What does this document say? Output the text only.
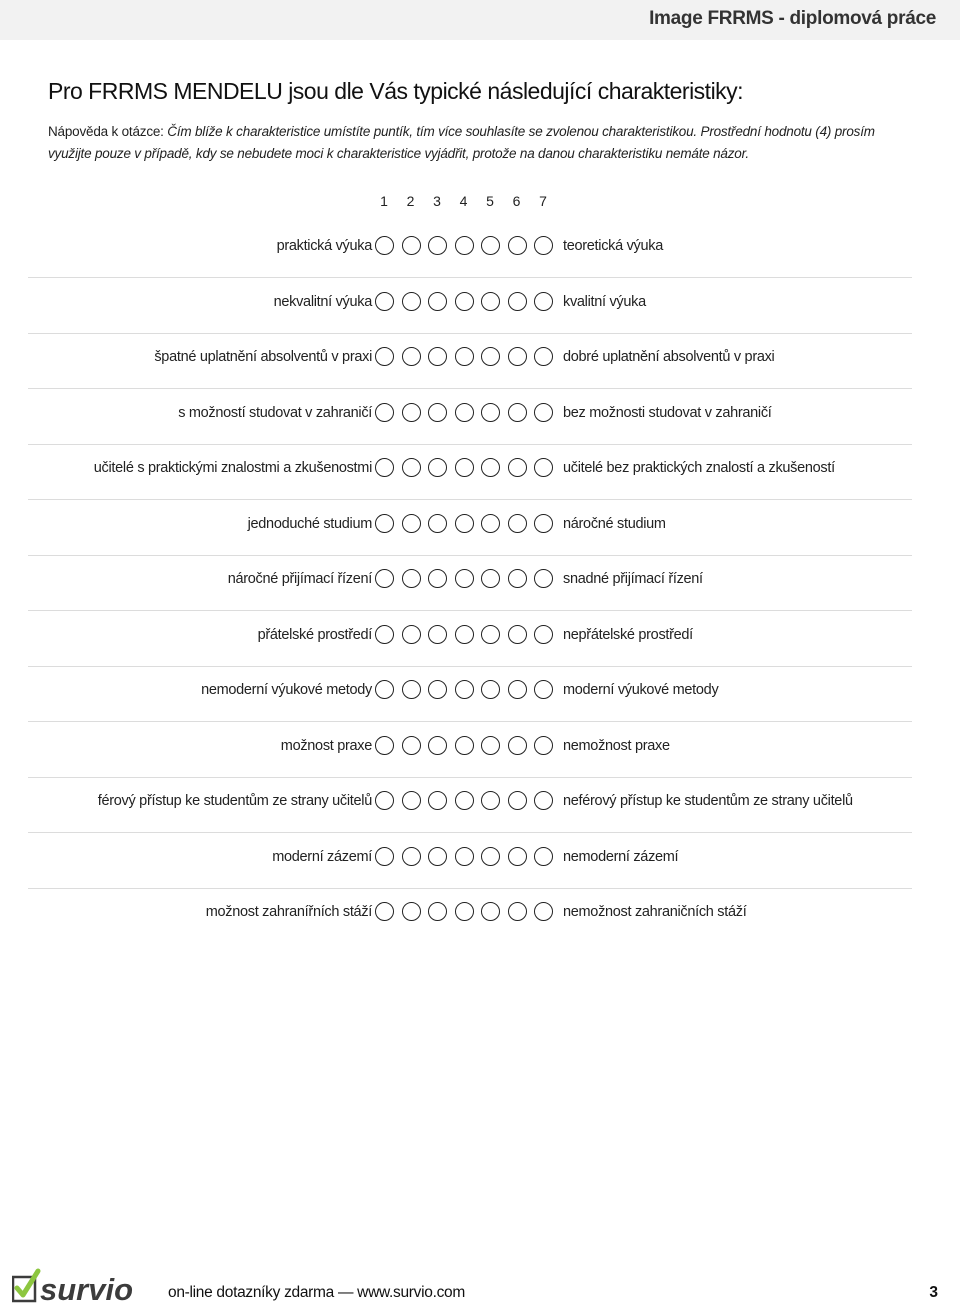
Image FRRMS - diplomová práce
Pro FRRMS MENDELU jsou dle Vás typické následující charakteristiky:
Nápověda k otázce: Čím blíže k charakteristice umístíte puntík, tím více souhlasíte se zvolenou charakteristikou. Prostřední hodnotu (4) prosím využijte pouze v případě, kdy se nebudete moci k charakteristice vyjádřit, protože na danou charakteristiku nemáte názor.
1	2	3	4	5	6	7
praktická výuka	teoretická výuka
nekvalitní výuka	kvalitní výuka
špatné uplatnění absolventů v praxi	dobré uplatnění absolventů v praxi
s možností studovat v zahraničí	bez možnosti studovat v zahraničí
učitelé s praktickými znalostmi a zkušenostmi	učitelé bez praktických znalostí a zkušeností
jednoduché studium	náročné studium
náročné přijímací řízení	snadné přijímací řízení
přátelské prostředí	nepřátelské prostředí
nemoderní výukové metody	moderní výukové metody
možnost praxe	nemožnost praxe
férový přístup ke studentům ze strany učitelů	neférový přístup ke studentům ze strany učitelů
moderní zázemí	nemoderní zázemí
možnost zahranířních stáží	nemožnost zahraničních stáží
survio on-line dotazníky zdarma — www.survio.com	3
